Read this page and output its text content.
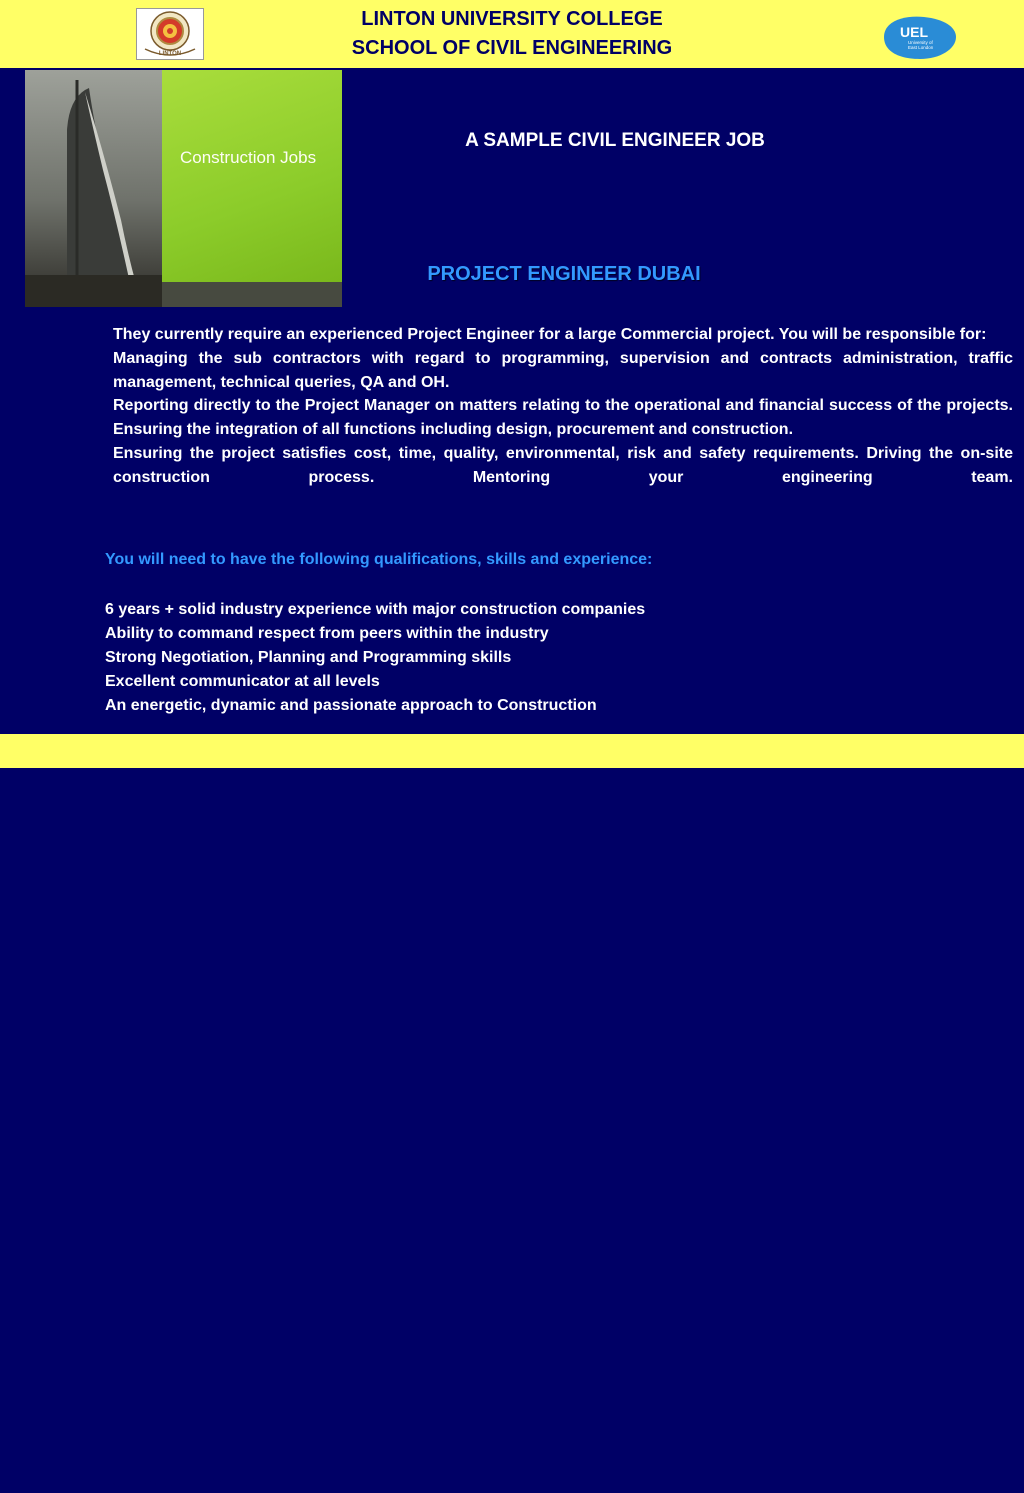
LINTON
LINTON UNIVERSITY COLLEGE
SCHOOL OF CIVIL ENGINEERING
UEL
University of
East London
Construction Jobs
A SAMPLE CIVIL ENGINEER JOB
PROJECT ENGINEER DUBAI

They currently require an experienced Project Engineer for a large Commercial project. You will be responsible for:

Managing the sub contractors with regard to programming, supervision and contracts administration, traffic management, technical queries, QA and OH.

Reporting directly to the Project Manager on matters relating to the operational and financial success of the projects. Ensuring the integration of all functions including design, procurement and construction.

Ensuring the project satisfies cost, time, quality, environmental, risk and safety requirements. Driving the on-site construction process. Mentoring your engineering team.

You will need to have the following qualifications, skills and experience:
6 years + solid industry experience with major construction companies
Ability to command respect from peers within the industry
Strong Negotiation, Planning and Programming skills
Excellent communicator at all levels
An energetic, dynamic and passionate approach to Construction
CE – 2211 PROFESSIONAL SKILLS	Dr. Deepak T. J.
